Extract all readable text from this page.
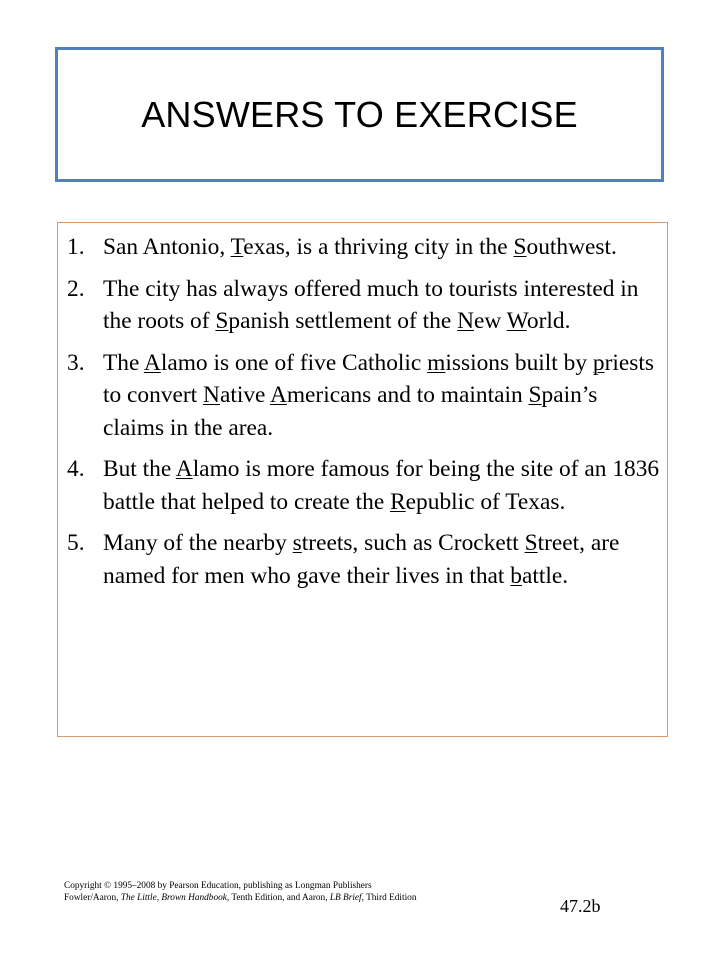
ANSWERS TO EXERCISE
1. San Antonio, Texas, is a thriving city in the Southwest.
2. The city has always offered much to tourists interested in the roots of Spanish settlement of the New World.
3. The Alamo is one of five Catholic missions built by priests to convert Native Americans and to maintain Spain’s claims in the area.
4. But the Alamo is more famous for being the site of an 1836 battle that helped to create the Republic of Texas.
5. Many of the nearby streets, such as Crockett Street, are named for men who gave their lives in that battle.
Copyright © 1995–2008 by Pearson Education, publishing as Longman Publishers
Fowler/Aaron, The Little, Brown Handbook, Tenth Edition, and Aaron, LB Brief, Third Edition	47.2b
